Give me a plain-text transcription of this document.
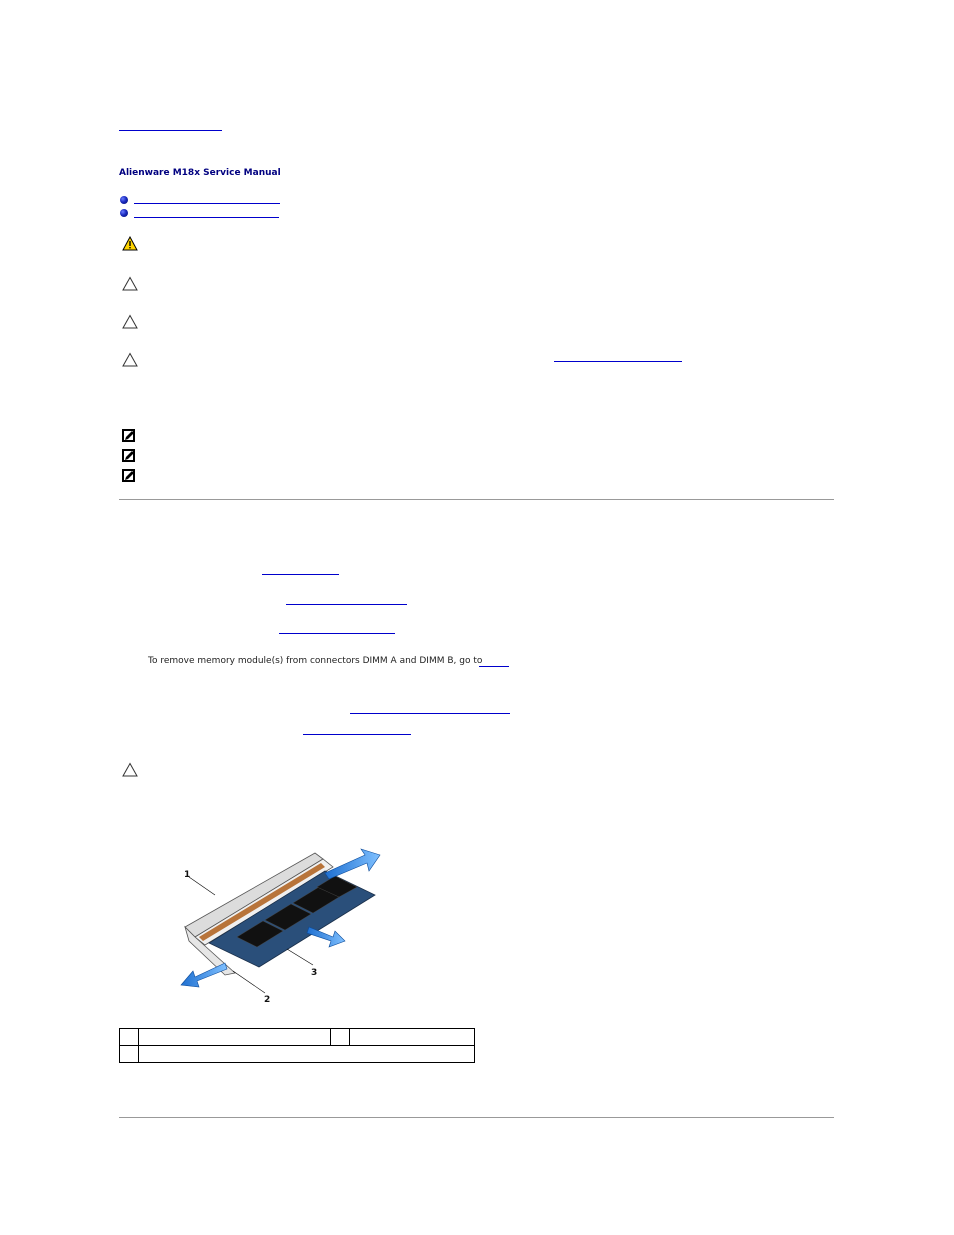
Alienware M18x Service Manual
To remove memory module(s) from connectors DIMM A and DIMM B, go to
1
3
2
